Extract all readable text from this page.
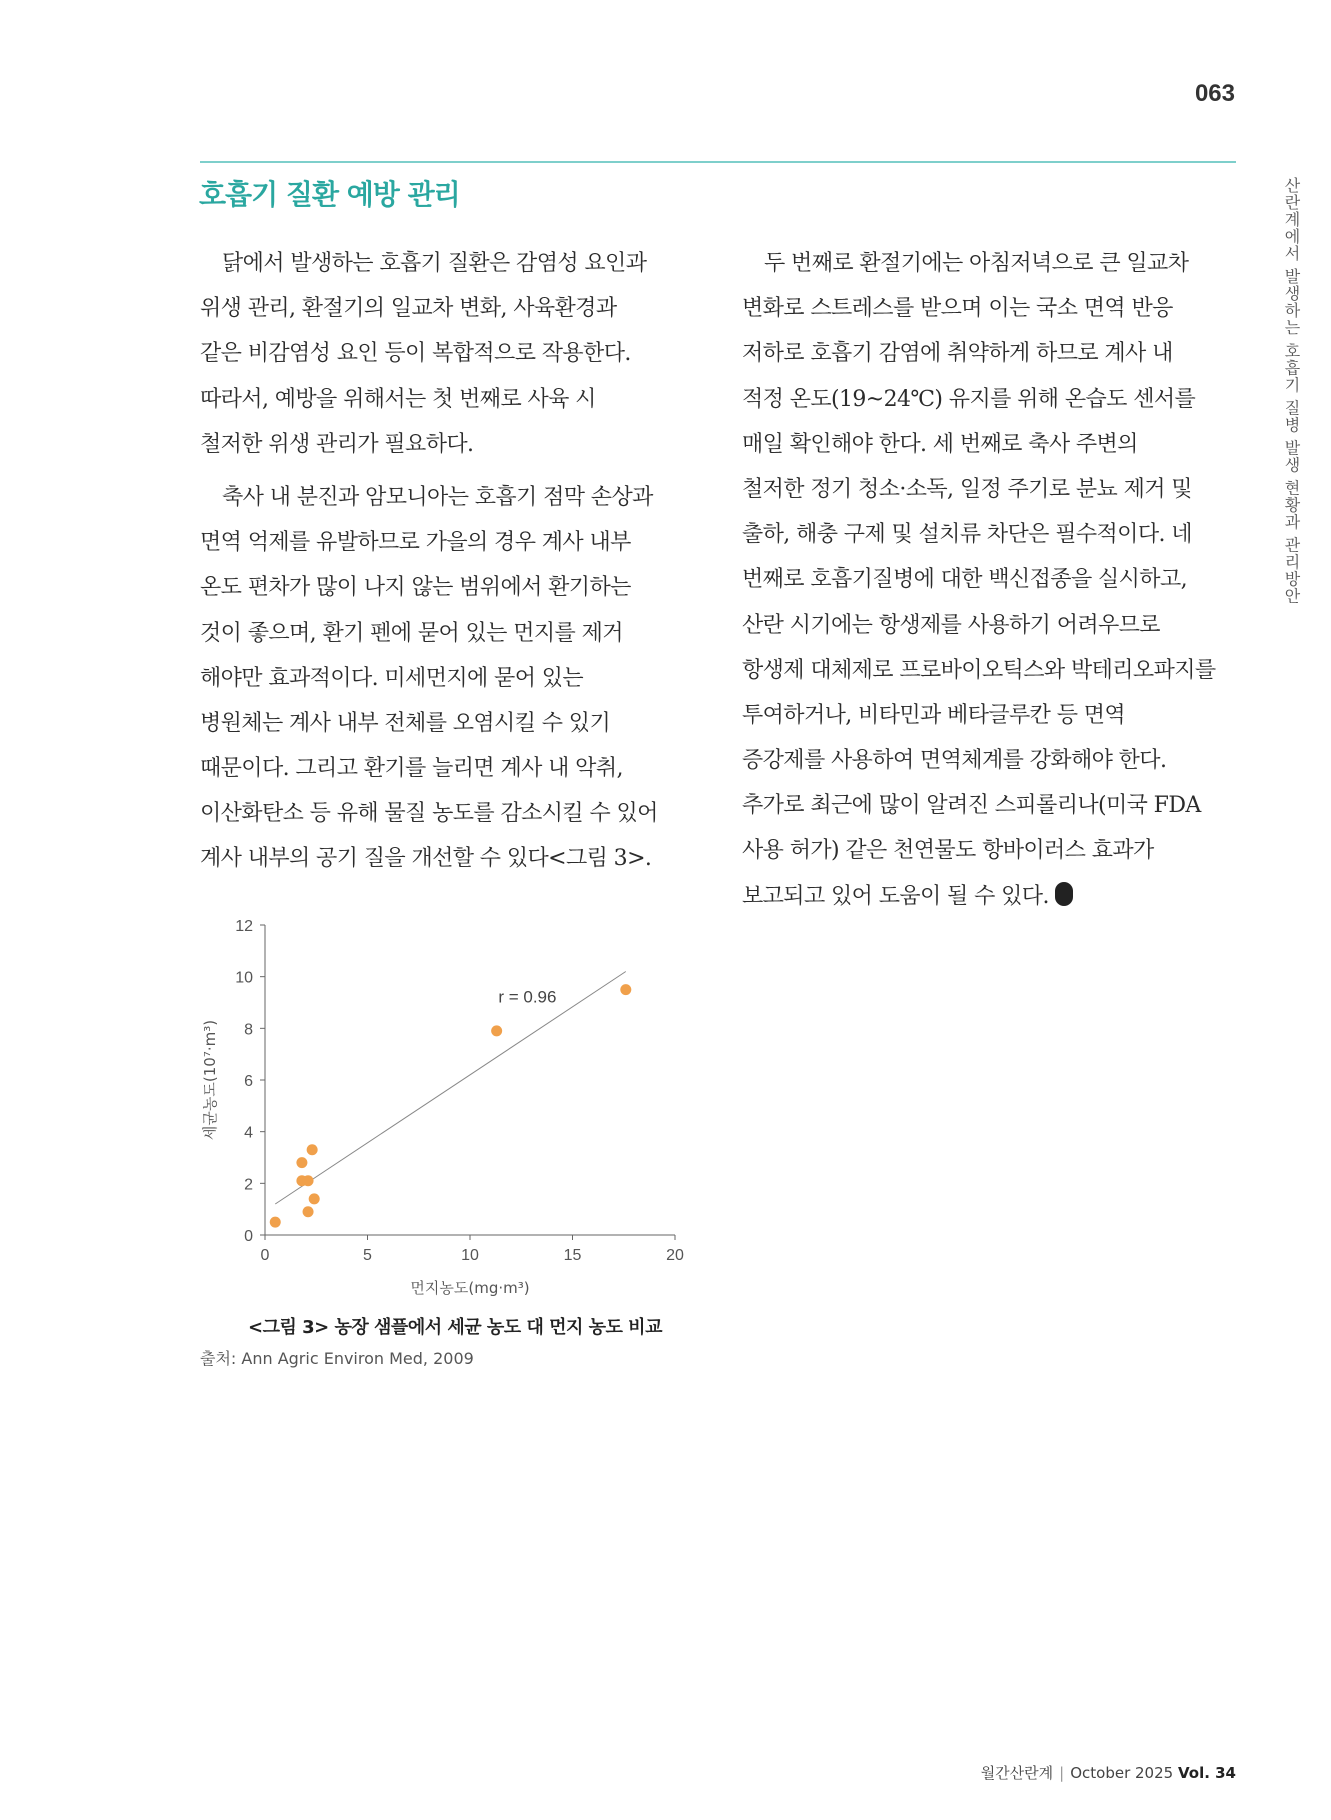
063
호흡기 질환 예방 관리	산란계에서 발생하는 호흡기 질병 발생 현황과 관리방안
닭에서 발생하는 호흡기 질환은 감염성 요인과
위생 관리, 환절기의 일교차 변화, 사육환경과
같은 비감염성 요인 등이 복합적으로 작용한다.
따라서, 예방을 위해서는 첫 번째로 사육 시
철저한 위생 관리가 필요하다.
축사 내 분진과 암모니아는 호흡기 점막 손상과
면역 억제를 유발하므로 가을의 경우 계사 내부
온도 편차가 많이 나지 않는 범위에서 환기하는
것이 좋으며, 환기 펜에 묻어 있는 먼지를 제거
해야만 효과적이다. 미세먼지에 묻어 있는
병원체는 계사 내부 전체를 오염시킬 수 있기
때문이다. 그리고 환기를 늘리면 계사 내 악취,
이산화탄소 등 유해 물질 농도를 감소시킬 수 있어
계사 내부의 공기 질을 개선할 수 있다<그림 3>.
두 번째로 환절기에는 아침저녁으로 큰 일교차
변화로 스트레스를 받으며 이는 국소 면역 반응
저하로 호흡기 감염에 취약하게 하므로 계사 내
적정 온도(19~24℃) 유지를 위해 온습도 센서를
매일 확인해야 한다. 세 번째로 축사 주변의
철저한 정기 청소·소독, 일정 주기로 분뇨 제거 및
출하, 해충 구제 및 설치류 차단은 필수적이다. 네
번째로 호흡기질병에 대한 백신접종을 실시하고,
산란 시기에는 항생제를 사용하기 어려우므로
항생제 대체제로 프로바이오틱스와 박테리오파지를
투여하거나, 비타민과 베타글루칸 등 면역
증강제를 사용하여 면역체계를 강화해야 한다.
추가로 최근에 많이 알려진 스피롤리나(미국 FDA
사용 허가) 같은 천연물도 항바이러스 효과가
보고되고 있어 도움이 될 수 있다.
0	5	10	15	20
0
2
4
6
8
10
12
먼지농도(mg·m³)
세균농도(10⁷·m³)
r = 0.96
<그림 3> 농장 샘플에서 세균 농도 대 먼지 농도 비교
출처: Ann Agric Environ Med, 2009
월간산란계 | October 2025 Vol. 34
